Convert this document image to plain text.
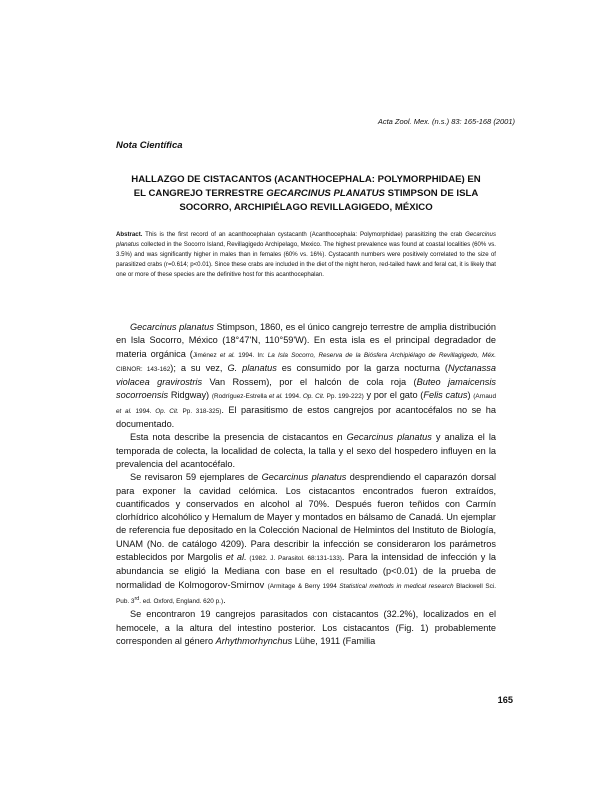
Acta Zool. Mex. (n.s.) 83: 165-168 (2001)
Nota Científica
HALLAZGO DE CISTACANTOS (ACANTHOCEPHALA: POLYMORPHIDAE) EN
EL CANGREJO TERRESTRE GECARCINUS PLANATUS STIMPSON DE ISLA
SOCORRO, ARCHIPIÉLAGO REVILLAGIGEDO, MÉXICO
Abstract. This is the first record of an acanthocephalan cystacanth (Acanthocephala: Polymorphidae) parasitizing the crab Gecarcinus planatus collected in the Socorro Island, Revillagigedo Archipelago, Mexico. The highest prevalence was found at coastal localities (60% vs. 3.5%) and was significantly higher in males than in females (60% vs. 16%). Cystacanth numbers were positively correlated to the size of parasitized crabs (r=0.614; p<0.01). Since these crabs are included in the diet of the night heron, red-tailed hawk and feral cat, it is likely that one or more of these species are the definitive host for this acanthocephalan.

Gecarcinus planatus Stimpson, 1860, es el único cangrejo terrestre de amplia distribución en Isla Socorro, México (18°47'N, 110°59'W). En esta isla es el principal degradador de materia orgánica (Jiménez et al. 1994. In: La Isla Socorro, Reserva de la Biósfera Archipiélago de Revillagigedo, Méx. CIBNOR: 143-162); a su vez, G. planatus es consumido por la garza nocturna (Nyctanassa violacea gravirostris Van Rossem), por el halcón de cola roja (Buteo jamaicensis socorroensis Ridgway) (Rodríguez-Estrella et al. 1994. Op. Cit. Pp. 199-222) y por el gato (Felis catus) (Arnaud et al. 1994. Op. Cit. Pp. 318-325). El parasitismo de estos cangrejos por acantocéfalos no se ha documentado.

Esta nota describe la presencia de cistacantos en Gecarcinus planatus y analiza el la temporada de colecta, la localidad de colecta, la talla y el sexo del hospedero influyen en la prevalencia del acantocéfalo.

Se revisaron 59 ejemplares de Gecarcinus planatus desprendiendo el caparazón dorsal para exponer la cavidad celómica. Los cistacantos encontrados fueron extraídos, cuantificados y conservados en alcohol al 70%. Después fueron teñidos con Carmín clorhídrico alcohólico y Hemalum de Mayer y montados en bálsamo de Canadá. Un ejemplar de referencia fue depositado en la Colección Nacional de Helmintos del Instituto de Biología, UNAM (No. de catálogo 4209). Para describir la infección se consideraron los parámetros establecidos por Margolis et al. (1982. J. Parasitol. 68:131-133). Para la intensidad de infección y la abundancia se eligió la Mediana con base en el resultado (p<0.01) de la prueba de normalidad de Kolmogorov-Smirnov (Armitage & Berry 1994 Statistical methods in medical research Blackwell Sci. Pub. 3rd. ed. Oxford, England. 620 p.).

Se encontraron 19 cangrejos parasitados con cistacantos (32.2%), localizados en el hemocele, a la altura del intestino posterior. Los cistacantos (Fig. 1) probablemente corresponden al género Arhythmorhynchus Lühe, 1911 (Familia

165
